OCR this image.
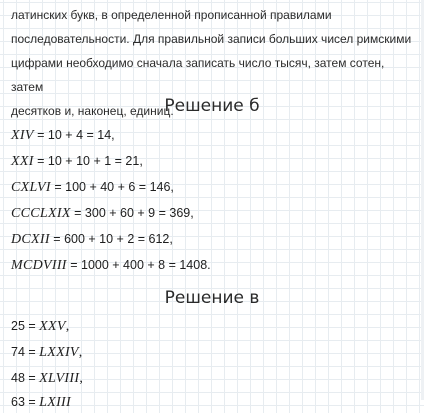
латинских букв, в определенной прописанной правилами
последовательности. Для правильной записи больших чисел римскими
цифрами необходимо сначала записать число тысяч, затем сотен, затем
десятков и, наконец, единиц.

Решение б
XIV = 10 + 4 = 14,
XXI = 10 + 10 + 1 = 21,
CXLVI = 100 + 40 + 6 = 146,
CCCLXIX = 300 + 60 + 9 = 369,
DCXII = 600 + 10 + 2 = 612,
MCDVIII = 1000 + 400 + 8 = 1408.
Решение в
25 = XXV,
74 = LXXIV,
48 = XLVIII,
63 = LXIII
